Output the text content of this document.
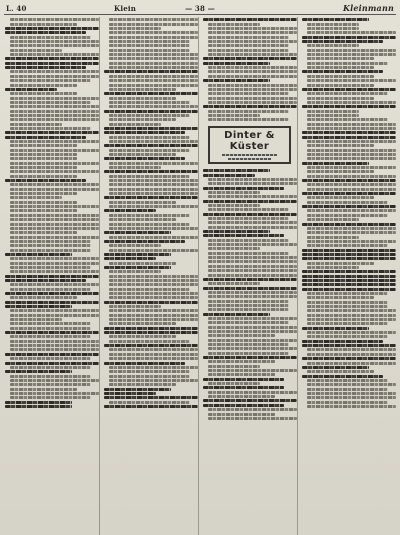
L. 40	Klein	— 38 —	Kleinmann
Dinter & Küster
